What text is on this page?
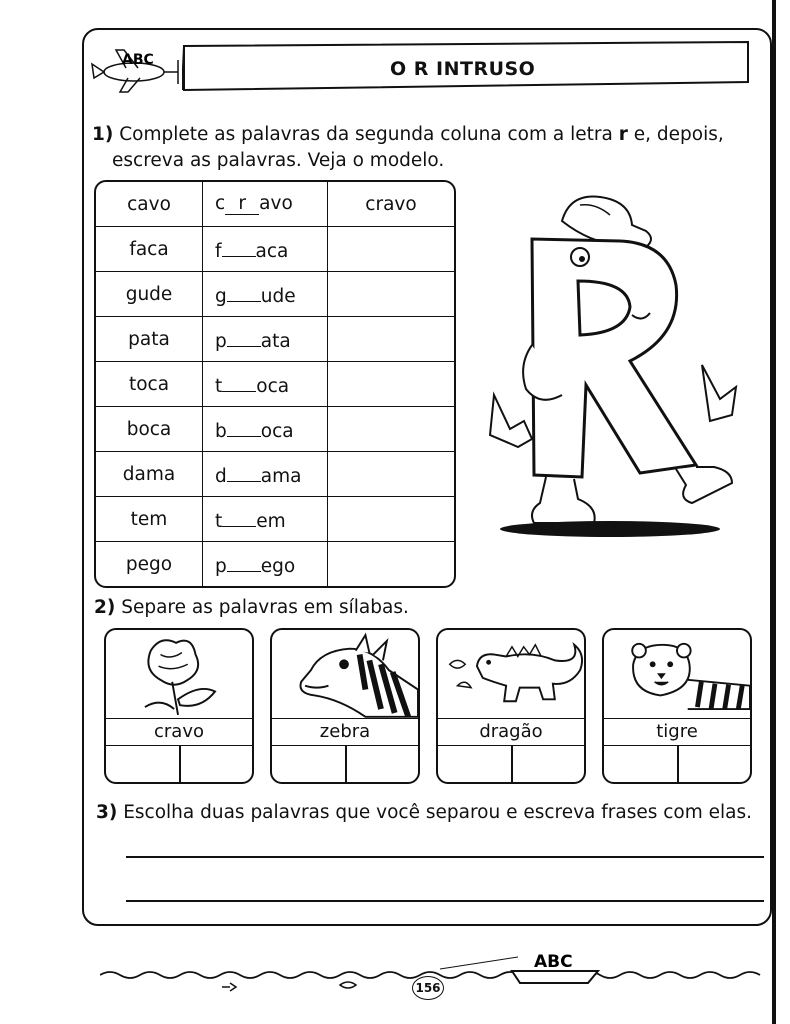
ABC	O R INTRUSO
1) Complete as palavras da segunda coluna com a letra r e, depois,
escreva as palavras. Veja o modelo.
cavo	c r avo	cravo
faca	f aca	
gude	g ude	
pata	p ata	
toca	t oca	
boca	b oca	
dama	d ama	
tem	t em	
pego	p ego	
2) Separe as palavras em sílabas.
cravo	zebra	dragão	tigre
3) Escolha duas palavras que você separou e escreva frases com elas.
ABC
156
